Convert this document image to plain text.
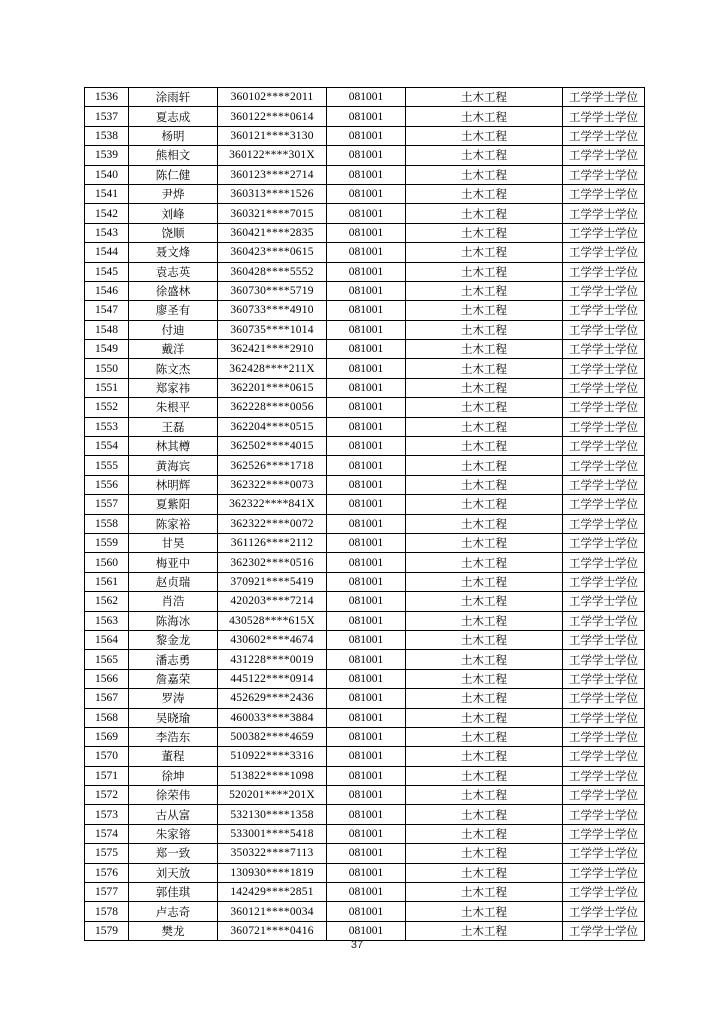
1536	涂雨轩	360102****2011	081001	土木工程	工学学士学位
1537	夏志成	360122****0614	081001	土木工程	工学学士学位
1538	杨明	360121****3130	081001	土木工程	工学学士学位
1539	熊相文	360122****301X	081001	土木工程	工学学士学位
1540	陈仁健	360123****2714	081001	土木工程	工学学士学位
1541	尹烨	360313****1526	081001	土木工程	工学学士学位
1542	刘峰	360321****7015	081001	土木工程	工学学士学位
1543	饶顺	360421****2835	081001	土木工程	工学学士学位
1544	聂文烽	360423****0615	081001	土木工程	工学学士学位
1545	袁志英	360428****5552	081001	土木工程	工学学士学位
1546	徐盛林	360730****5719	081001	土木工程	工学学士学位
1547	廖圣有	360733****4910	081001	土木工程	工学学士学位
1548	付迪	360735****1014	081001	土木工程	工学学士学位
1549	戴洋	362421****2910	081001	土木工程	工学学士学位
1550	陈文杰	362428****211X	081001	土木工程	工学学士学位
1551	郑家祎	362201****0615	081001	土木工程	工学学士学位
1552	朱根平	362228****0056	081001	土木工程	工学学士学位
1553	王磊	362204****0515	081001	土木工程	工学学士学位
1554	林其樽	362502****4015	081001	土木工程	工学学士学位
1555	黄海宾	362526****1718	081001	土木工程	工学学士学位
1556	林明辉	362322****0073	081001	土木工程	工学学士学位
1557	夏紫阳	362322****841X	081001	土木工程	工学学士学位
1558	陈家裕	362322****0072	081001	土木工程	工学学士学位
1559	甘昊	361126****2112	081001	土木工程	工学学士学位
1560	梅亚中	362302****0516	081001	土木工程	工学学士学位
1561	赵贞瑞	370921****5419	081001	土木工程	工学学士学位
1562	肖浩	420203****7214	081001	土木工程	工学学士学位
1563	陈海冰	430528****615X	081001	土木工程	工学学士学位
1564	黎金龙	430602****4674	081001	土木工程	工学学士学位
1565	潘志勇	431228****0019	081001	土木工程	工学学士学位
1566	詹嘉荣	445122****0914	081001	土木工程	工学学士学位
1567	罗涛	452629****2436	081001	土木工程	工学学士学位
1568	吴晓瑜	460033****3884	081001	土木工程	工学学士学位
1569	李浩东	500382****4659	081001	土木工程	工学学士学位
1570	董程	510922****3316	081001	土木工程	工学学士学位
1571	徐坤	513822****1098	081001	土木工程	工学学士学位
1572	徐荣伟	520201****201X	081001	土木工程	工学学士学位
1573	古从富	532130****1358	081001	土木工程	工学学士学位
1574	朱家镕	533001****5418	081001	土木工程	工学学士学位
1575	郑一致	350322****7113	081001	土木工程	工学学士学位
1576	刘天放	130930****1819	081001	土木工程	工学学士学位
1577	郭佳琪	142429****2851	081001	土木工程	工学学士学位
1578	卢志奇	360121****0034	081001	土木工程	工学学士学位
1579	樊龙	360721****0416	081001	土木工程	工学学士学位
37
